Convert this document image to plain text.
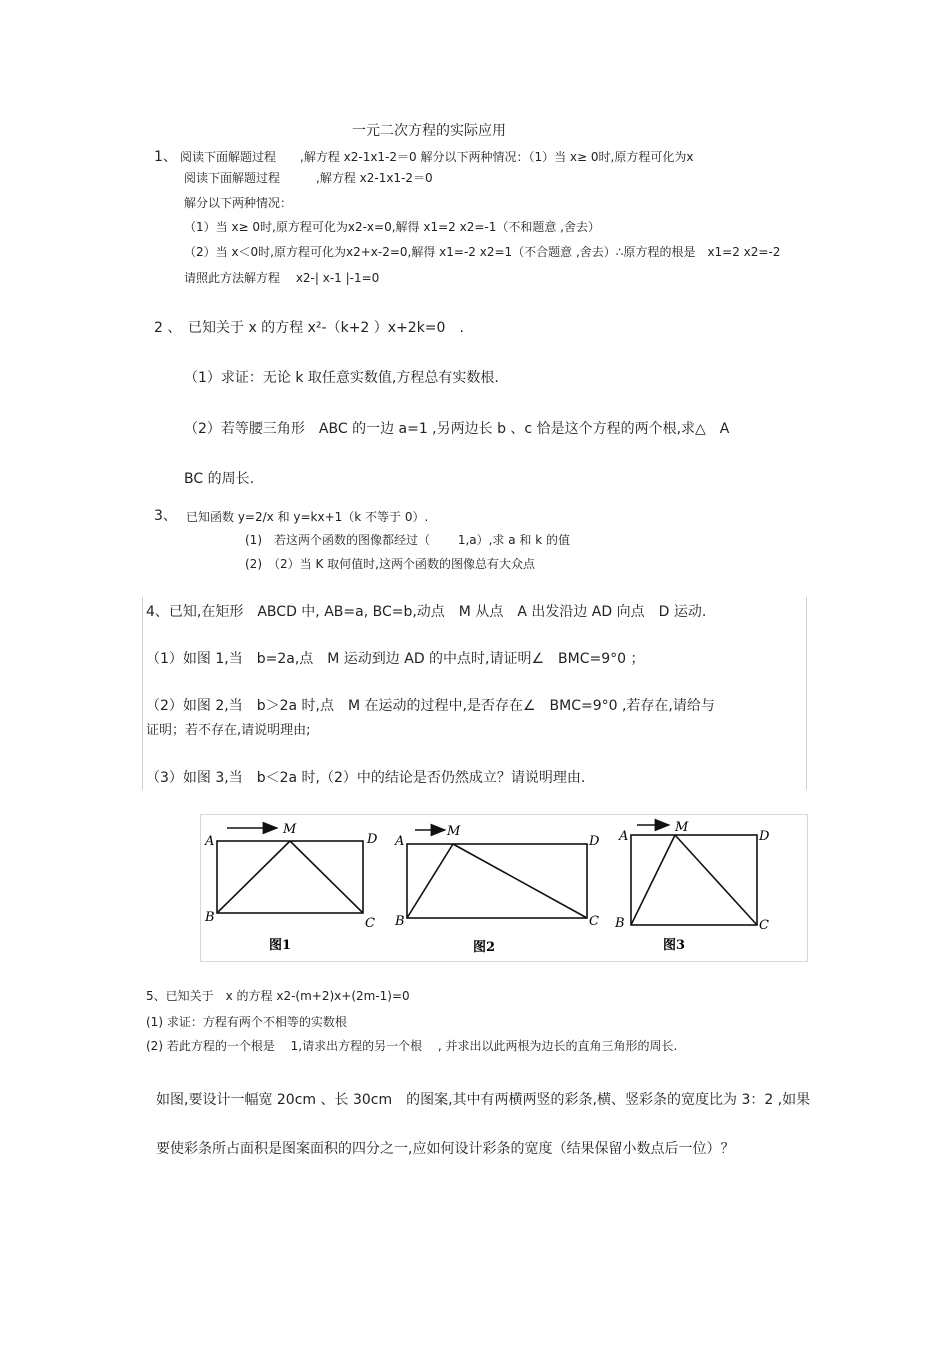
一元二次方程的实际应用
1、 阅读下面解题过程　　,解方程 x2-1x1-2＝0 解分以下两种情况：（1）当 x≥ 0时,原方程可化为x
阅读下面解题过程　　　,解方程 x2-1x1-2＝0
解分以下两种情况：
（1）当 x≥ 0时,原方程可化为x2-x=0,解得 x1=2 x2=-1（不和题意 ,舍去）
（2）当 x＜0时,原方程可化为x2+x-2=0,解得 x1=-2 x2=1（不合题意 ,舍去）∴原方程的根是　x1=2 x2=-2
请照此方法解方程　 x2-| x-1 |-1=0
2 、 已知关于 x 的方程 x²-（k+2 ）x+2k=0　.
（1）求证：无论 k 取任意实数值,方程总有实数根.
（2）若等腰三角形　ABC 的一边 a=1 ,另两边长 b 、c 恰是这个方程的两个根,求△　A
BC 的周长.
3、 已知函数 y=2/x 和 y=kx+1（k 不等于 0）.
(1)　若这两个函数的图像都经过（　　 1,a）,求 a 和 k 的值
(2)　（2）当 K 取何值时,这两个函数的图像总有大众点
4、已知,在矩形　ABCD 中, AB=a, BC=b,动点　M 从点　A 出发沿边 AD 向点　D 运动.
（1）如图 1,当　b=2a,点　M 运动到边 AD 的中点时,请证明∠　BMC=9°0 ；
（2）如图 2,当　b＞2a 时,点　M 在运动的过程中,是否存在∠　BMC=9°0 ,若存在,请给与
证明；若不存在,请说明理由;
（3）如图 3,当　b＜2a 时,（2）中的结论是否仍然成立？请说明理由.
A
M
D
B	C
图1
A
M
D
B	C
图2
A
M
D
B	C
图3
5、已知关于　x 的方程 x2-(m+2)x+(2m-1)=0
(1) 求证：方程有两个不相等的实数根
(2) 若此方程的一个根是　 1,请求出方程的另一个根　 , 并求出以此两根为边长的直角三角形的周长.
如图,要设计一幅宽 20cm 、长 30cm　的图案,其中有两横两竖的彩条,横、竖彩条的宽度比为 3：2 ,如果
要使彩条所占面积是图案面积的四分之一,应如何设计彩条的宽度（结果保留小数点后一位）？
